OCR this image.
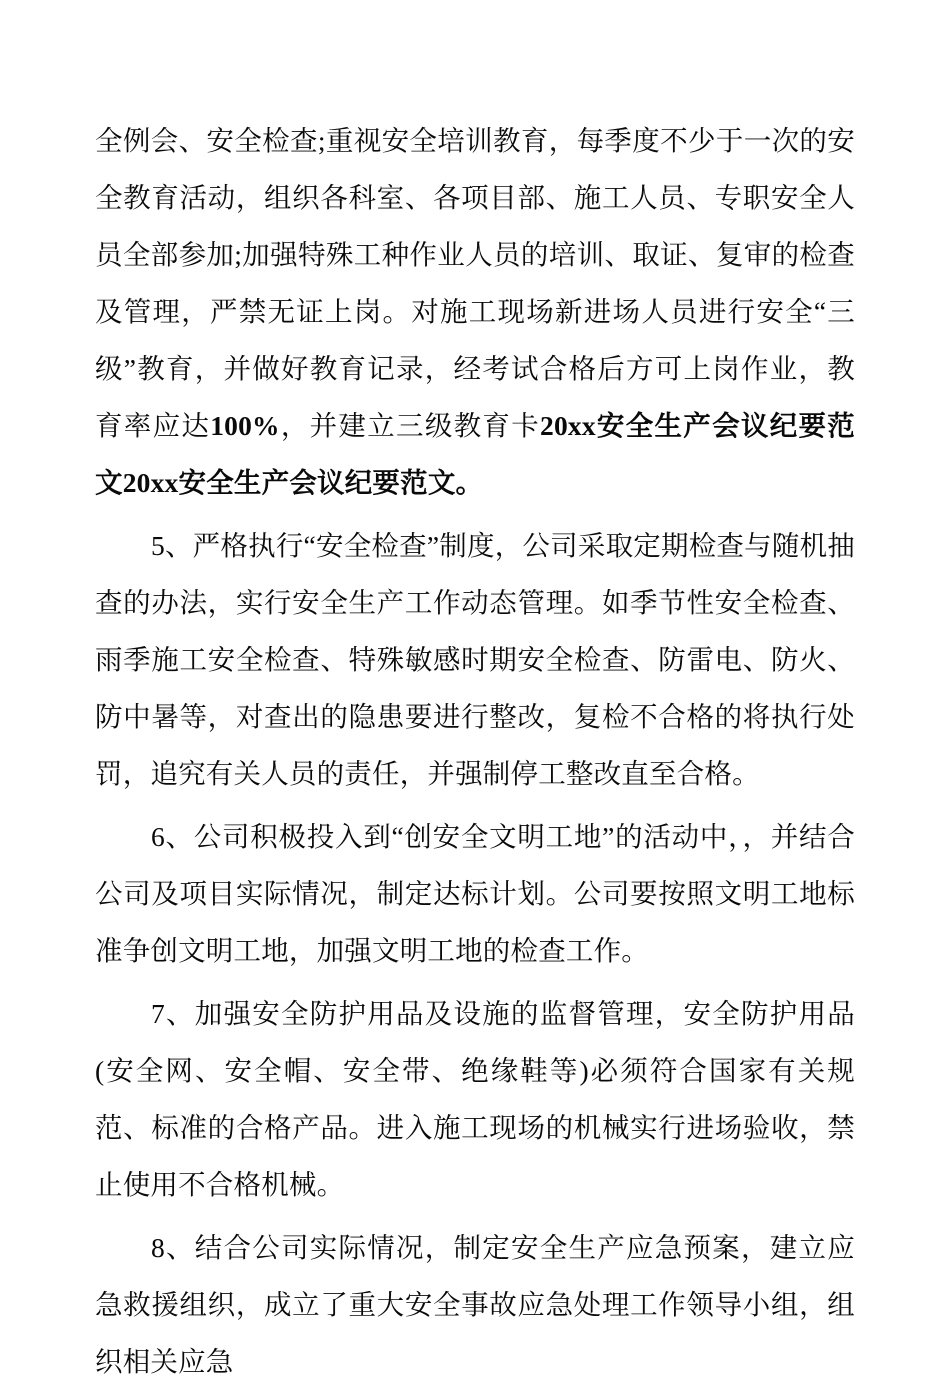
全例会、安全检查;重视安全培训教育，每季度不少于一次的安全教育活动，组织各科室、各项目部、施工人员、专职安全人员全部参加;加强特殊工种作业人员的培训、取证、复审的检查及管理，严禁无证上岗。对施工现场新进场人员进行安全“三级”教育，并做好教育记录，经考试合格后方可上岗作业，教育率应达100%，并建立三级教育卡20xx安全生产会议纪要范文20xx安全生产会议纪要范文。

5、严格执行“安全检查”制度，公司采取定期检查与随机抽查的办法，实行安全生产工作动态管理。如季节性安全检查、雨季施工安全检查、特殊敏感时期安全检查、防雷电、防火、防中暑等，对查出的隐患要进行整改，复检不合格的将执行处罚，追究有关人员的责任，并强制停工整改直至合格。

6、公司积极投入到“创安全文明工地”的活动中，，并结合公司及项目实际情况，制定达标计划。公司要按照文明工地标准争创文明工地，加强文明工地的检查工作。

7、加强安全防护用品及设施的监督管理，安全防护用品(安全网、安全帽、安全带、绝缘鞋等)必须符合国家有关规范、标准的合格产品。进入施工现场的机械实行进场验收，禁止使用不合格机械。

8、结合公司实际情况，制定安全生产应急预案，建立应急救援组织，成立了重大安全事故应急处理工作领导小组，组织相关应急
